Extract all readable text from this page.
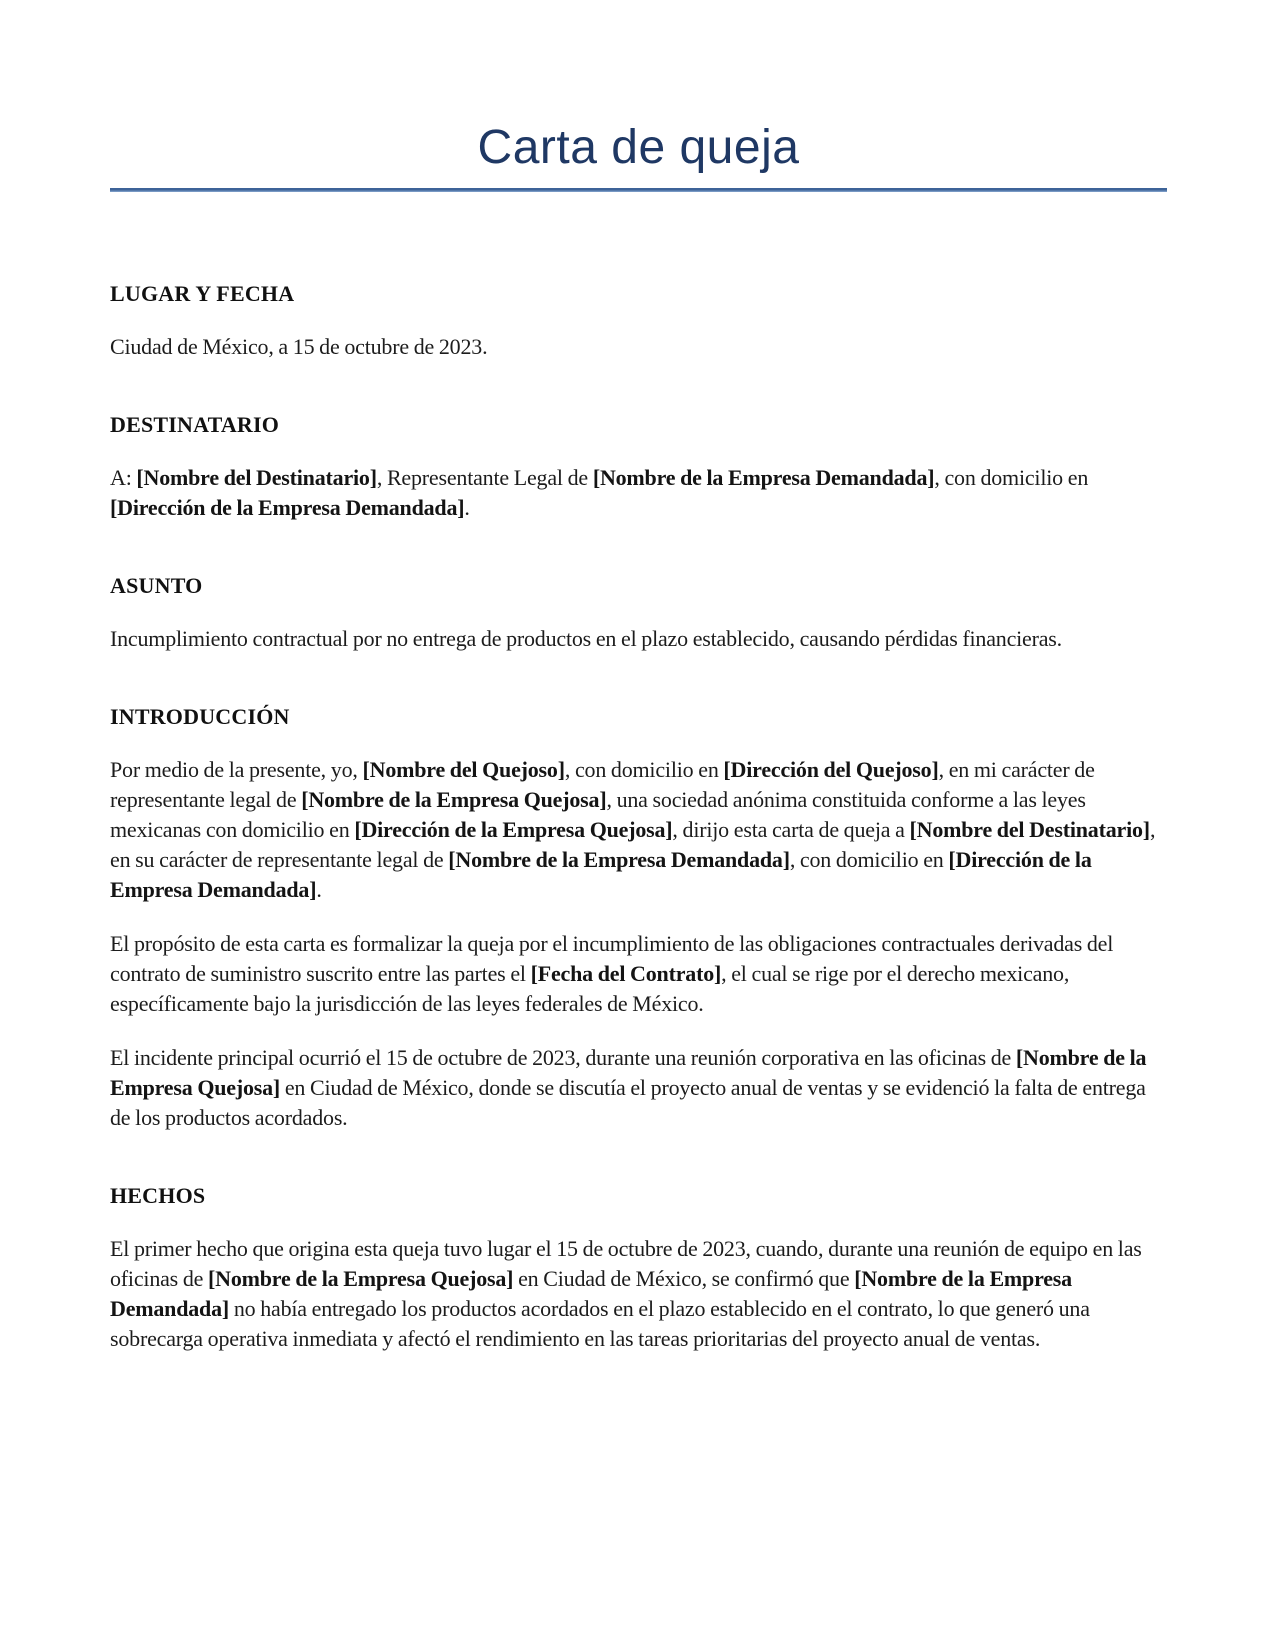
Carta de queja
LUGAR Y FECHA

Ciudad de México, a 15 de octubre de 2023.

DESTINATARIO

A: [Nombre del Destinatario], Representante Legal de [Nombre de la Empresa Demandada], con domicilio en [Dirección de la Empresa Demandada].

ASUNTO

Incumplimiento contractual por no entrega de productos en el plazo establecido, causando pérdidas financieras.

INTRODUCCIÓN

Por medio de la presente, yo, [Nombre del Quejoso], con domicilio en [Dirección del Quejoso], en mi carácter de representante legal de [Nombre de la Empresa Quejosa], una sociedad anónima constituida conforme a las leyes mexicanas con domicilio en [Dirección de la Empresa Quejosa], dirijo esta carta de queja a [Nombre del Destinatario], en su carácter de representante legal de [Nombre de la Empresa Demandada], con domicilio en [Dirección de la Empresa Demandada].

El propósito de esta carta es formalizar la queja por el incumplimiento de las obligaciones contractuales derivadas del contrato de suministro suscrito entre las partes el [Fecha del Contrato], el cual se rige por el derecho mexicano, específicamente bajo la jurisdicción de las leyes federales de México.

El incidente principal ocurrió el 15 de octubre de 2023, durante una reunión corporativa en las oficinas de [Nombre de la Empresa Quejosa] en Ciudad de México, donde se discutía el proyecto anual de ventas y se evidenció la falta de entrega de los productos acordados.

HECHOS

El primer hecho que origina esta queja tuvo lugar el 15 de octubre de 2023, cuando, durante una reunión de equipo en las oficinas de [Nombre de la Empresa Quejosa] en Ciudad de México, se confirmó que [Nombre de la Empresa Demandada] no había entregado los productos acordados en el plazo establecido en el contrato, lo que generó una sobrecarga operativa inmediata y afectó el rendimiento en las tareas prioritarias del proyecto anual de ventas.
